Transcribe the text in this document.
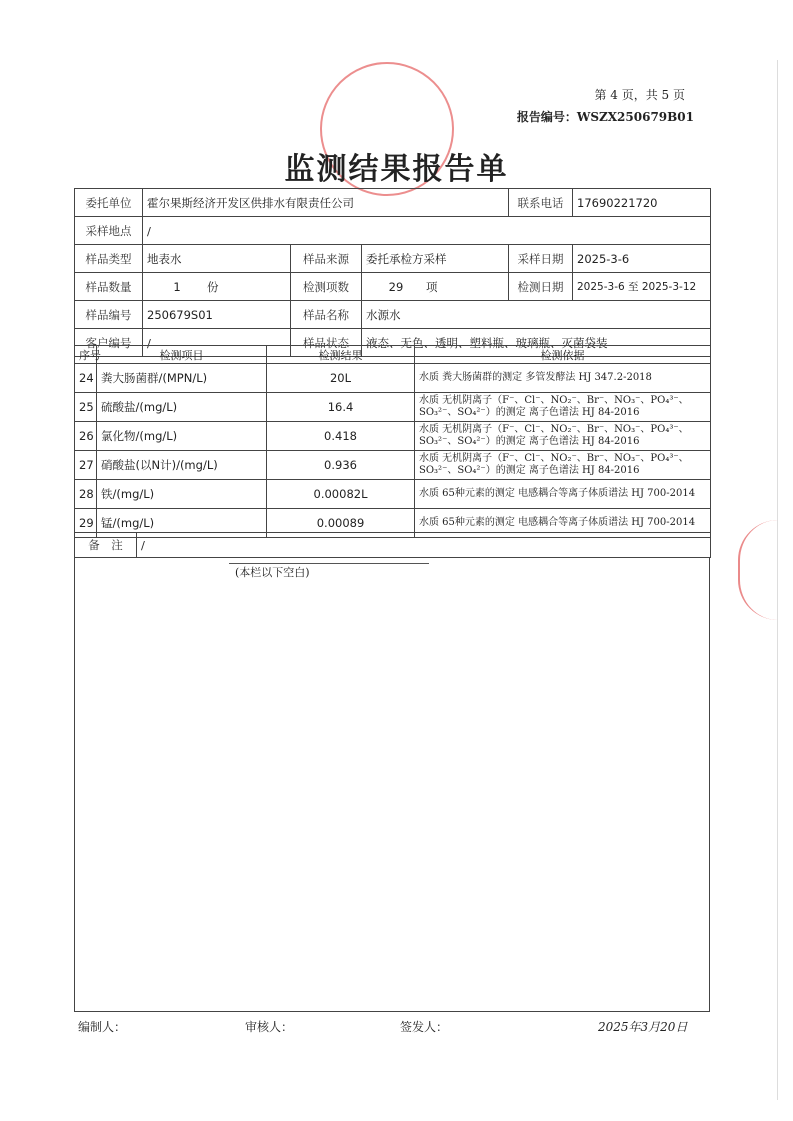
第 4 页，共 5 页
报告编号：WSZX250679B01
监测结果报告单
委托单位	霍尔果斯经济开发区供排水有限责任公司			联系电话	17690221720
采样地点	/				
样品类型	地表水	样品来源	委托承检方采样	采样日期	2025-3-6
样品数量	1 份	检测项数	29 项	检测日期	2025-3-6 至 2025-3-12
样品编号	250679S01	样品名称	水源水		
客户编号	/	样品状态	液态、无色、透明、塑料瓶、玻璃瓶、灭菌袋装		
序号	检测项目	检测结果	检测依据
24	粪大肠菌群/(MPN/L)	20L	水质 粪大肠菌群的测定 多管发酵法 HJ 347.2-2018
25	硫酸盐/(mg/L)	16.4	水质 无机阴离子（F⁻、Cl⁻、NO₂⁻、Br⁻、NO₃⁻、PO₄³⁻、SO₃²⁻、SO₄²⁻）的测定 离子色谱法 HJ 84-2016
26	氯化物/(mg/L)	0.418	水质 无机阴离子（F⁻、Cl⁻、NO₂⁻、Br⁻、NO₃⁻、PO₄³⁻、SO₃²⁻、SO₄²⁻）的测定 离子色谱法 HJ 84-2016
27	硝酸盐(以N计)/(mg/L)	0.936	水质 无机阴离子（F⁻、Cl⁻、NO₂⁻、Br⁻、NO₃⁻、PO₄³⁻、SO₃²⁻、SO₄²⁻）的测定 离子色谱法 HJ 84-2016
28	铁/(mg/L)	0.00082L	水质 65种元素的测定 电感耦合等离子体质谱法 HJ 700-2014
29	锰/(mg/L)	0.00089	水质 65种元素的测定 电感耦合等离子体质谱法 HJ 700-2014
备　注	/
(本栏以下空白)
编制人：	审核人：	签发人：	2025年3月20日
